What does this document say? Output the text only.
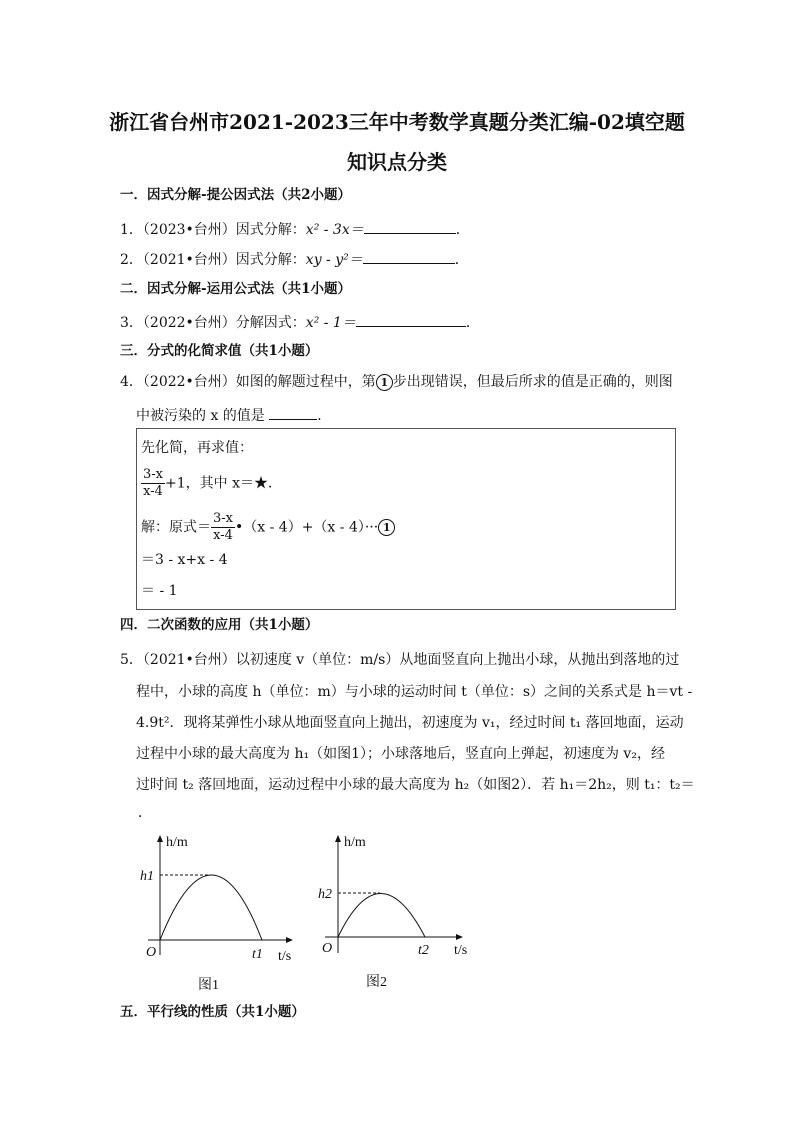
浙江省台州市2021-2023三年中考数学真题分类汇编-02填空题
知识点分类
一．因式分解-提公因式法（共2小题）
1．（2023•台州）因式分解：x² - 3x＝	．
2．（2021•台州）因式分解：xy - y²＝	．
二．因式分解-运用公式法（共1小题）
3．（2022•台州）分解因式：x² - 1＝	．
三．分式的化简求值（共1小题）
4．（2022•台州）如图的解题过程中，第 1 步出现错误，但最后所求的值是正确的，则图
中被污染的 x 的值是	．
先化简，再求值：
$\frac{3-x}{x-4} +1$，其中 x＝★．
解：原式＝ $\frac{3-x}{x-4}$ •（x - 4）+（x - 4）··· 1
＝3 - x+x - 4
＝ - 1
四．二次函数的应用（共1小题）
5．（2021•台州）以初速度 v（单位：m/s）从地面竖直向上抛出小球，从抛出到落地的过
程中，小球的高度 h（单位：m）与小球的运动时间 t（单位：s）之间的关系式是 h＝vt -
4.9t²．现将某弹性小球从地面竖直向上抛出，初速度为 v₁，经过时间 t₁ 落回地面，运动
过程中小球的最大高度为 h₁（如图1）；小球落地后，竖直向上弹起，初速度为 v₂，经
过时间 t₂ 落回地面，运动过程中小球的最大高度为 h₂（如图2）．若 h₁＝2h₂，则 t₁：t₂＝
．
h/m
h1
O	t1 t/s
图1
h/m
h2
O	t2 t/s
图2
五．平行线的性质（共1小题）
